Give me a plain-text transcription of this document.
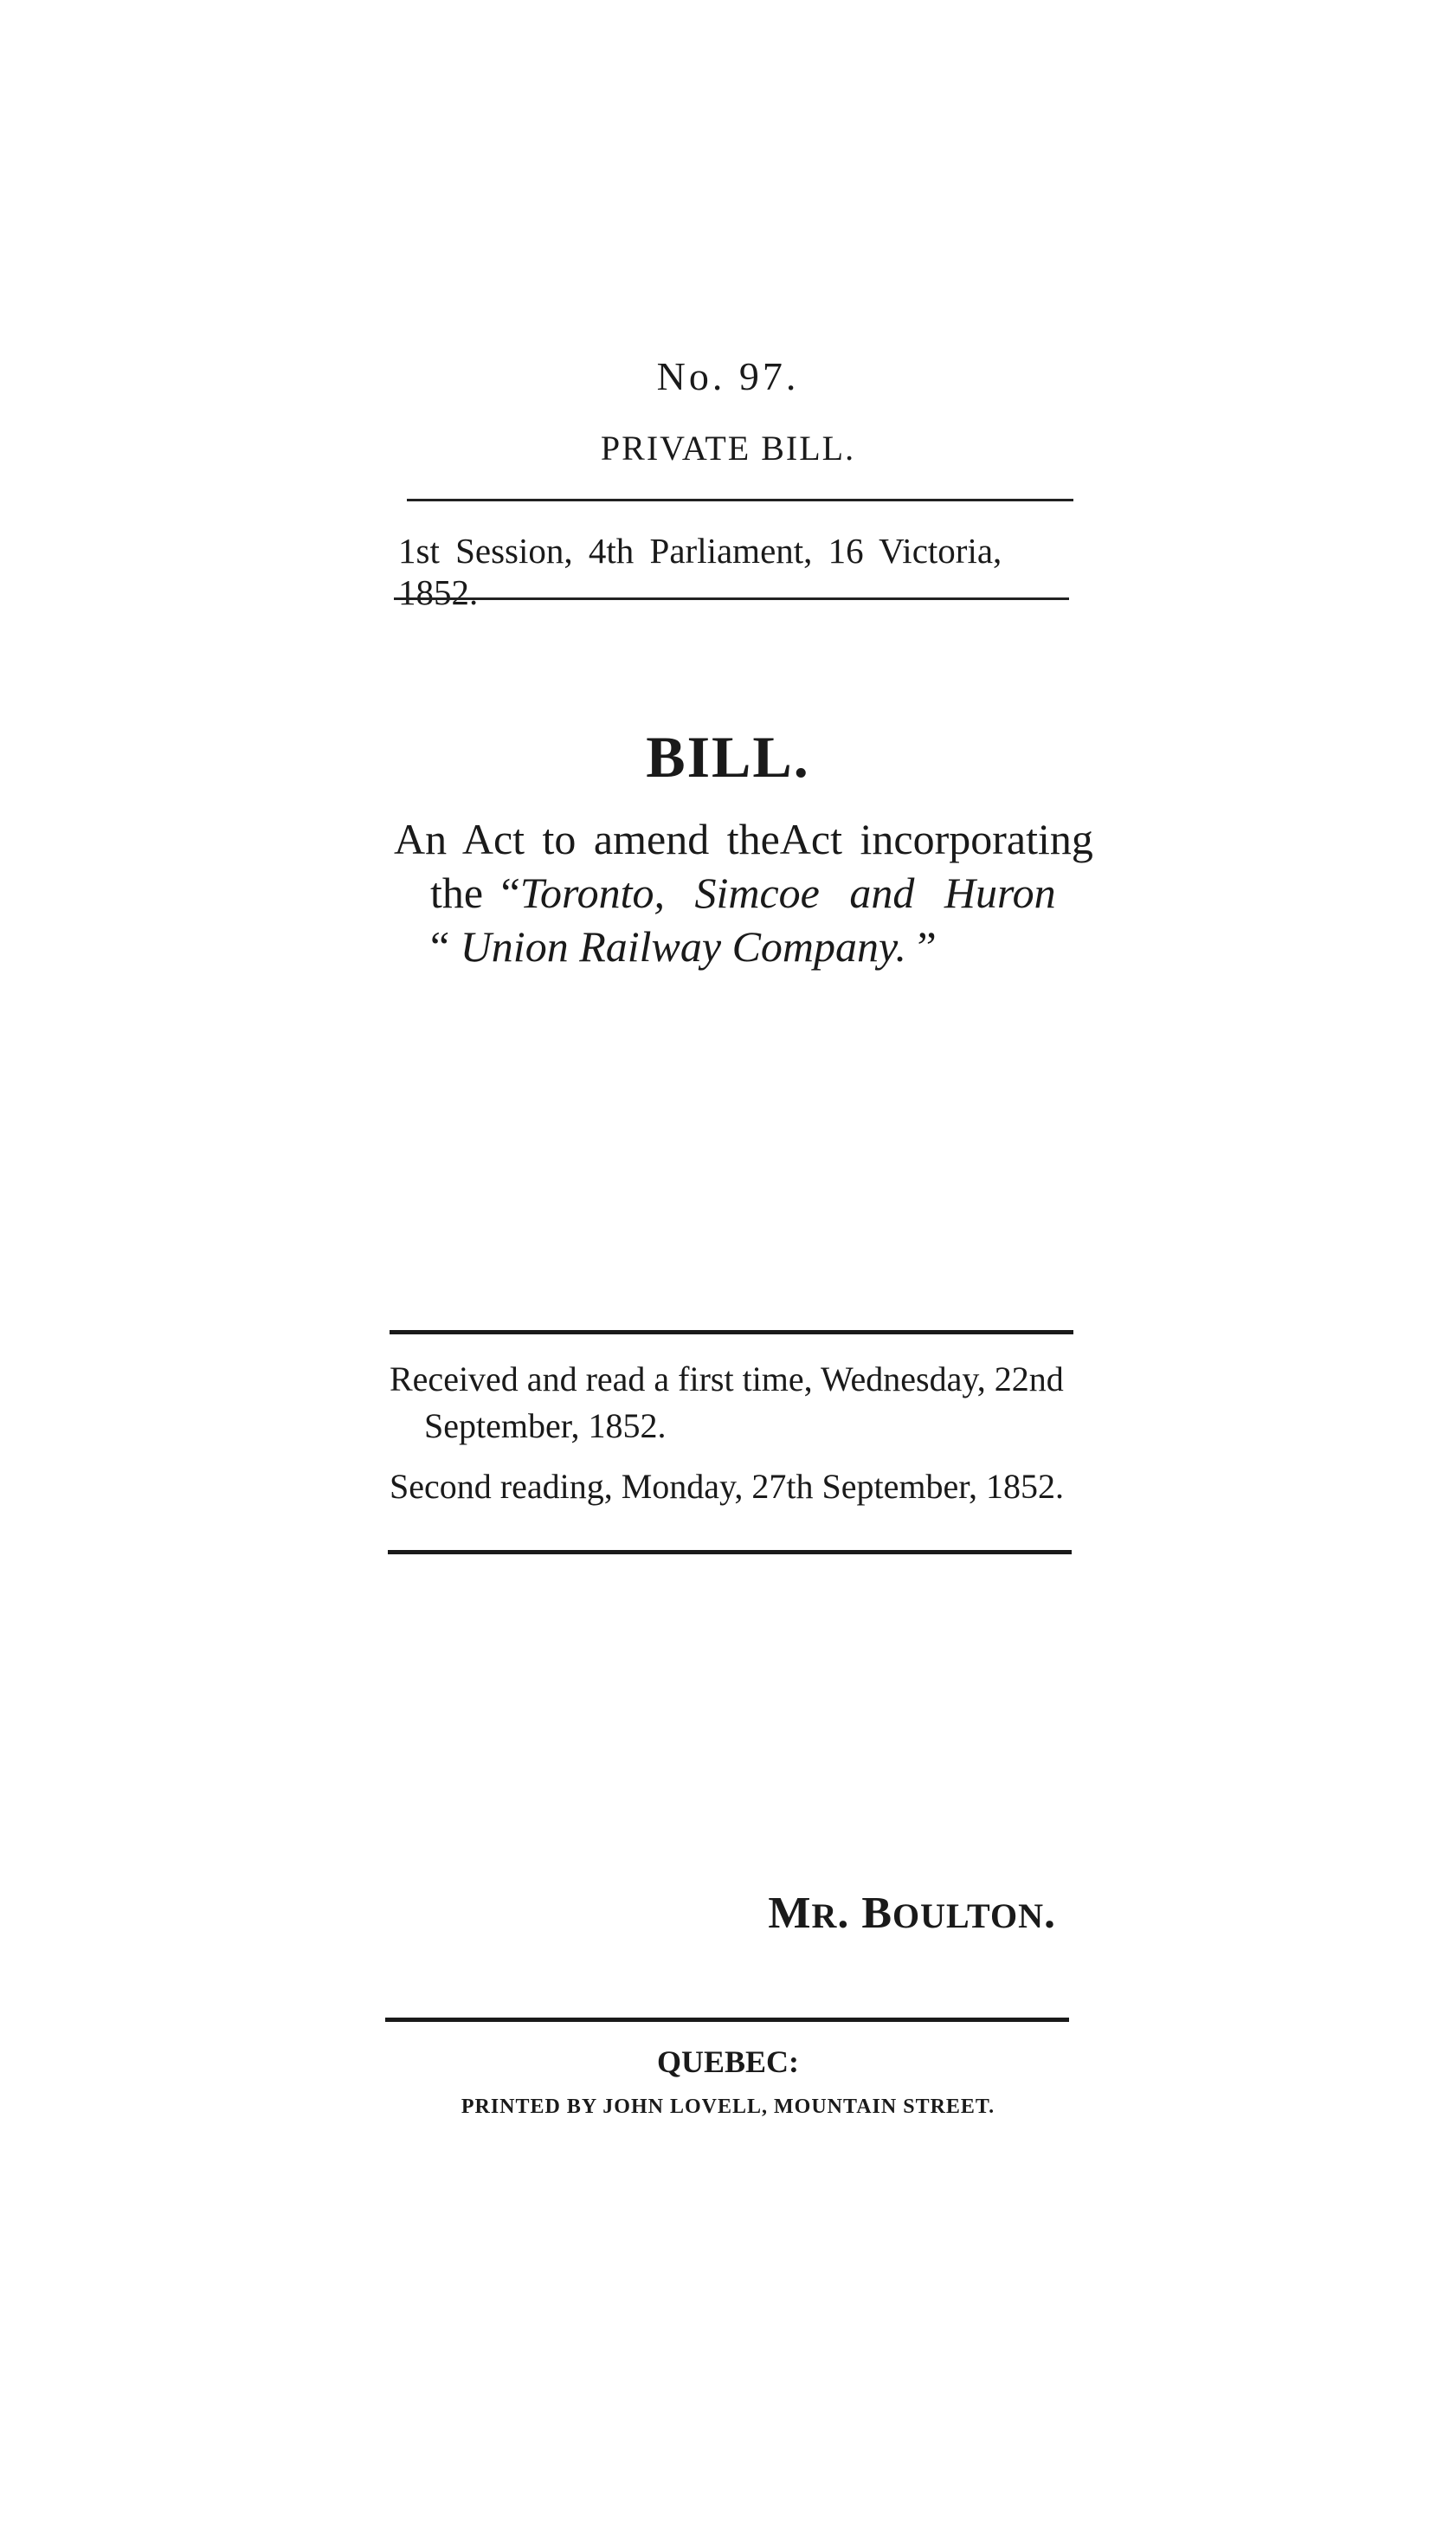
No. 97.
PRIVATE BILL.
1st Session, 4th Parliament, 16 Victoria, 1852.
BILL.
An Act to amend theAct incorporating
the “Toronto, Simcoe and Huron
“ Union Railway Company. ”
Received and read a first time, Wednesday, 22nd
September, 1852.
Second reading, Monday, 27th September, 1852.
MR. BOULTON.
QUEBEC:
PRINTED BY JOHN LOVELL, MOUNTAIN STREET.
